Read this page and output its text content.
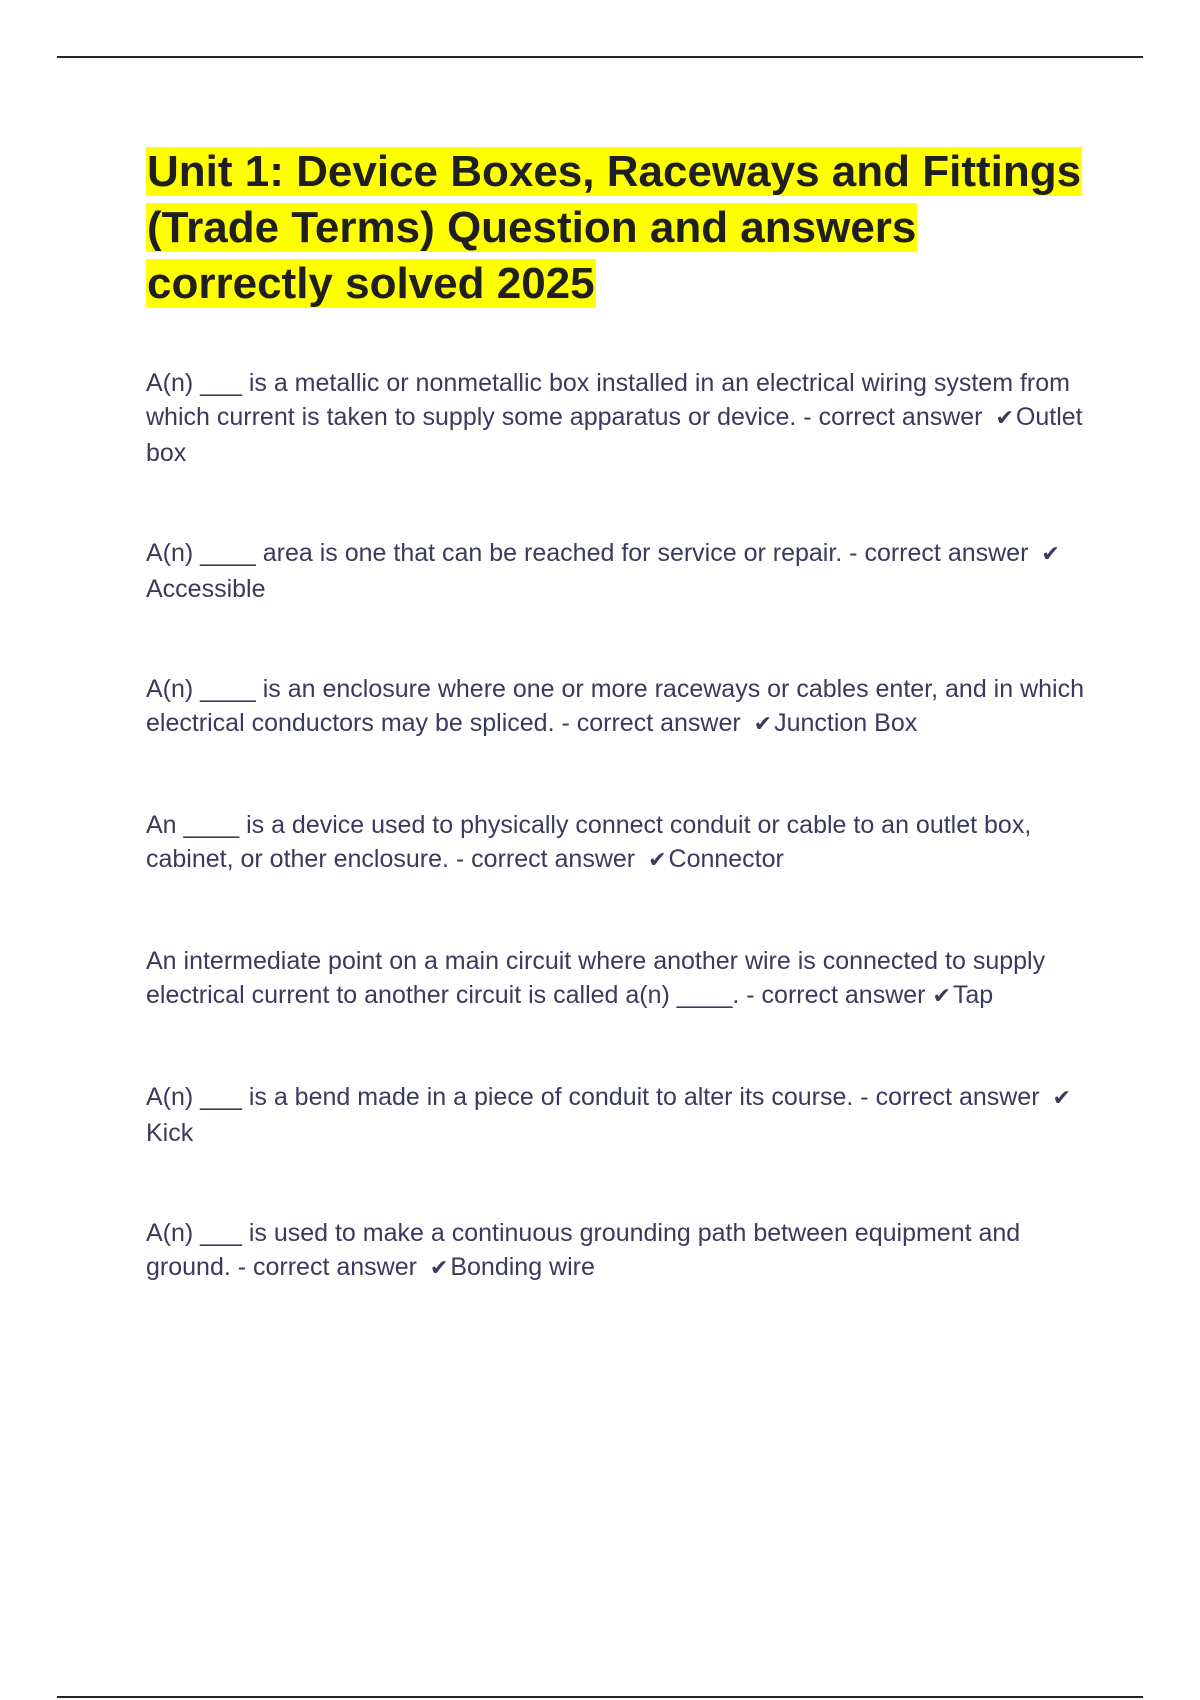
Unit 1: Device Boxes, Raceways and Fittings (Trade Terms) Question and answers correctly solved 2025

A(n) ___ is a metallic or nonmetallic box installed in an electrical wiring system from which current is taken to supply some apparatus or device. - correct answer ✔Outlet box

A(n) ____ area is one that can be reached for service or repair. - correct answer ✔Accessible

A(n) ____ is an enclosure where one or more raceways or cables enter, and in which electrical conductors may be spliced. - correct answer ✔Junction Box

An ____ is a device used to physically connect conduit or cable to an outlet box, cabinet, or other enclosure. - correct answer ✔Connector

An intermediate point on a main circuit where another wire is connected to supply electrical current to another circuit is called a(n) ____. - correct answer ✔Tap

A(n) ___ is a bend made in a piece of conduit to alter its course. - correct answer ✔Kick

A(n) ___ is used to make a continuous grounding path between equipment and ground. - correct answer ✔Bonding wire
